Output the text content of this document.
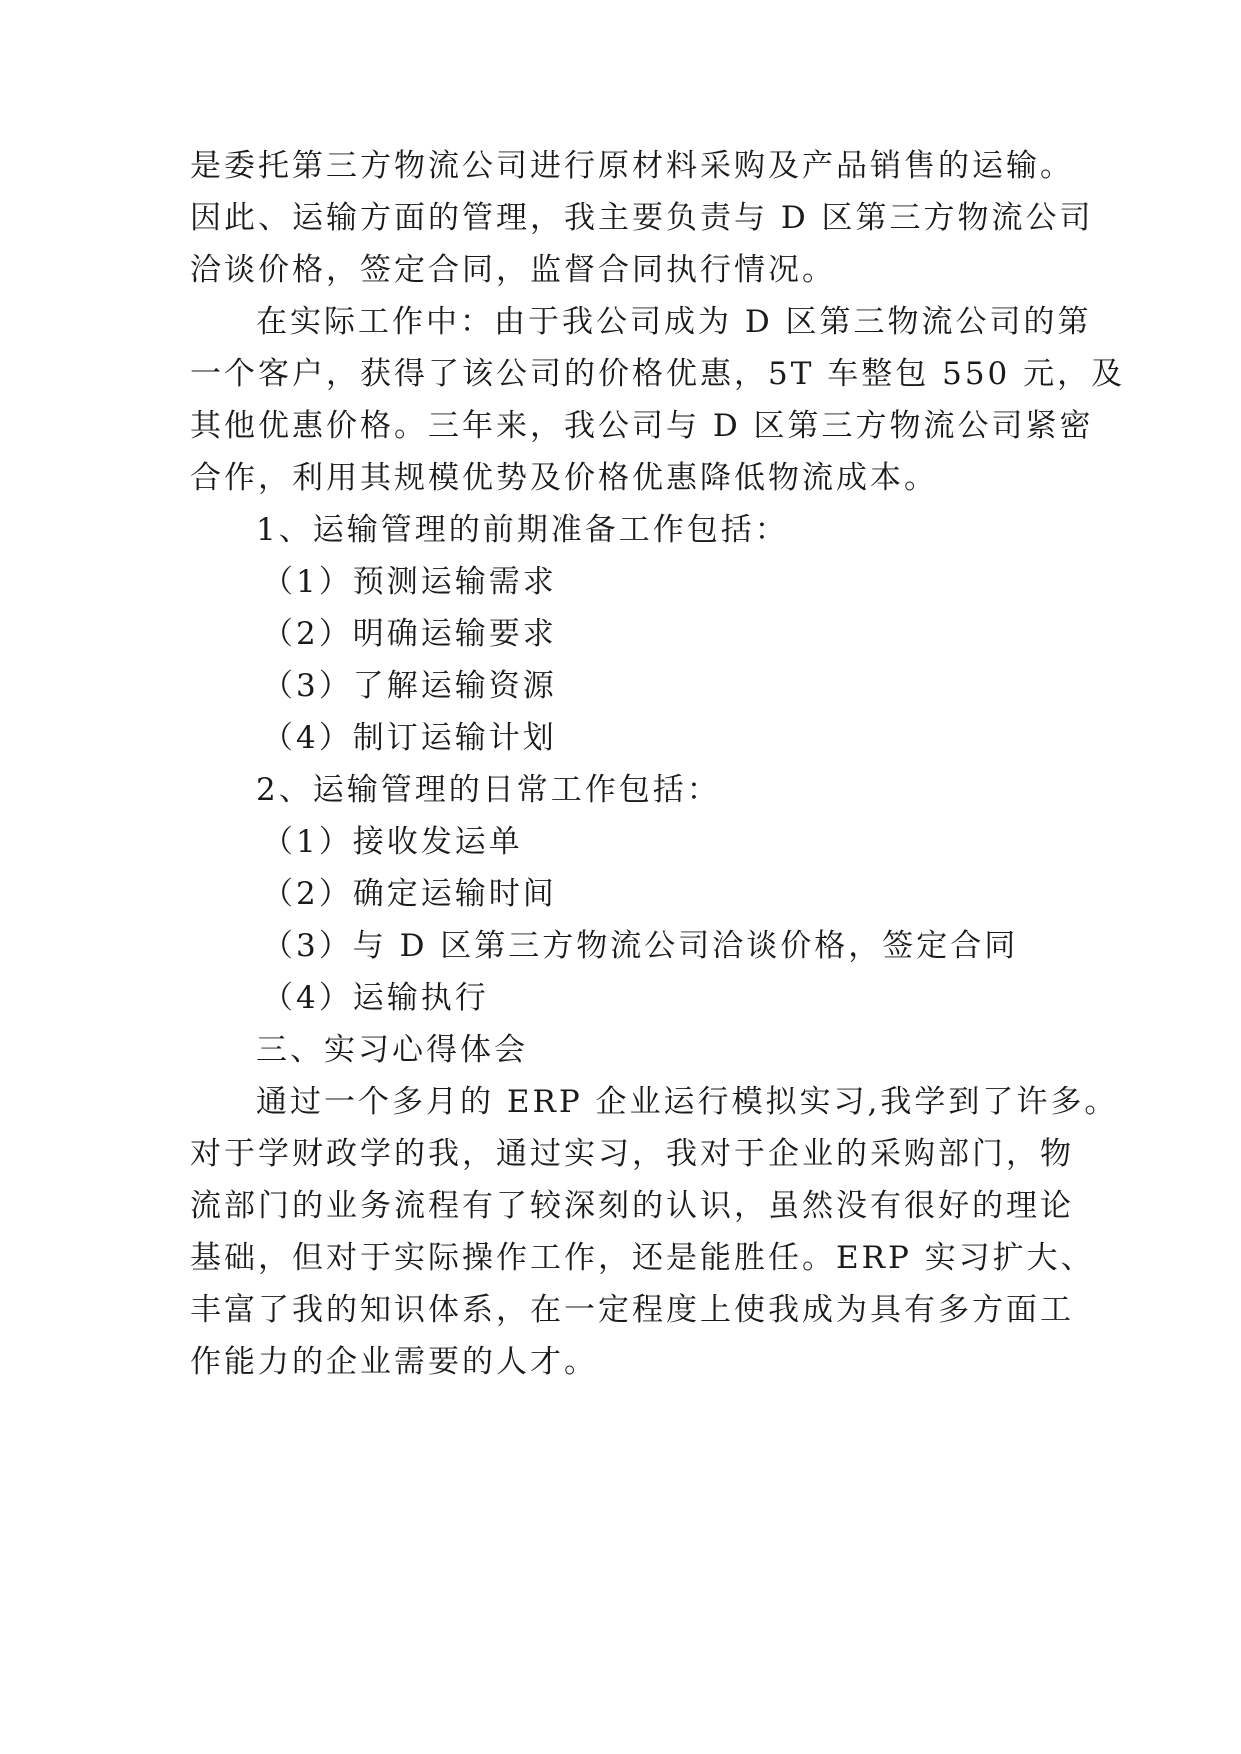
是委托第三方物流公司进行原材料采购及产品销售的运输。
因此、运输方面的管理，我主要负责与 D 区第三方物流公司
洽谈价格，签定合同，监督合同执行情况。
在实际工作中：由于我公司成为 D 区第三物流公司的第
一个客户，获得了该公司的价格优惠，5T 车整包 550 元，及
其他优惠价格。三年来，我公司与 D 区第三方物流公司紧密
合作，利用其规模优势及价格优惠降低物流成本。
1、运输管理的前期准备工作包括：
（1）预测运输需求
（2）明确运输要求
（3）了解运输资源
（4）制订运输计划
2、运输管理的日常工作包括：
（1）接收发运单
（2）确定运输时间
（3）与 D 区第三方物流公司洽谈价格，签定合同
（4）运输执行
三、实习心得体会
通过一个多月的 ERP 企业运行模拟实习,我学到了许多。
对于学财政学的我，通过实习，我对于企业的采购部门，物
流部门的业务流程有了较深刻的认识，虽然没有很好的理论
基础，但对于实际操作工作，还是能胜任。ERP 实习扩大、
丰富了我的知识体系，在一定程度上使我成为具有多方面工
作能力的企业需要的人才。
